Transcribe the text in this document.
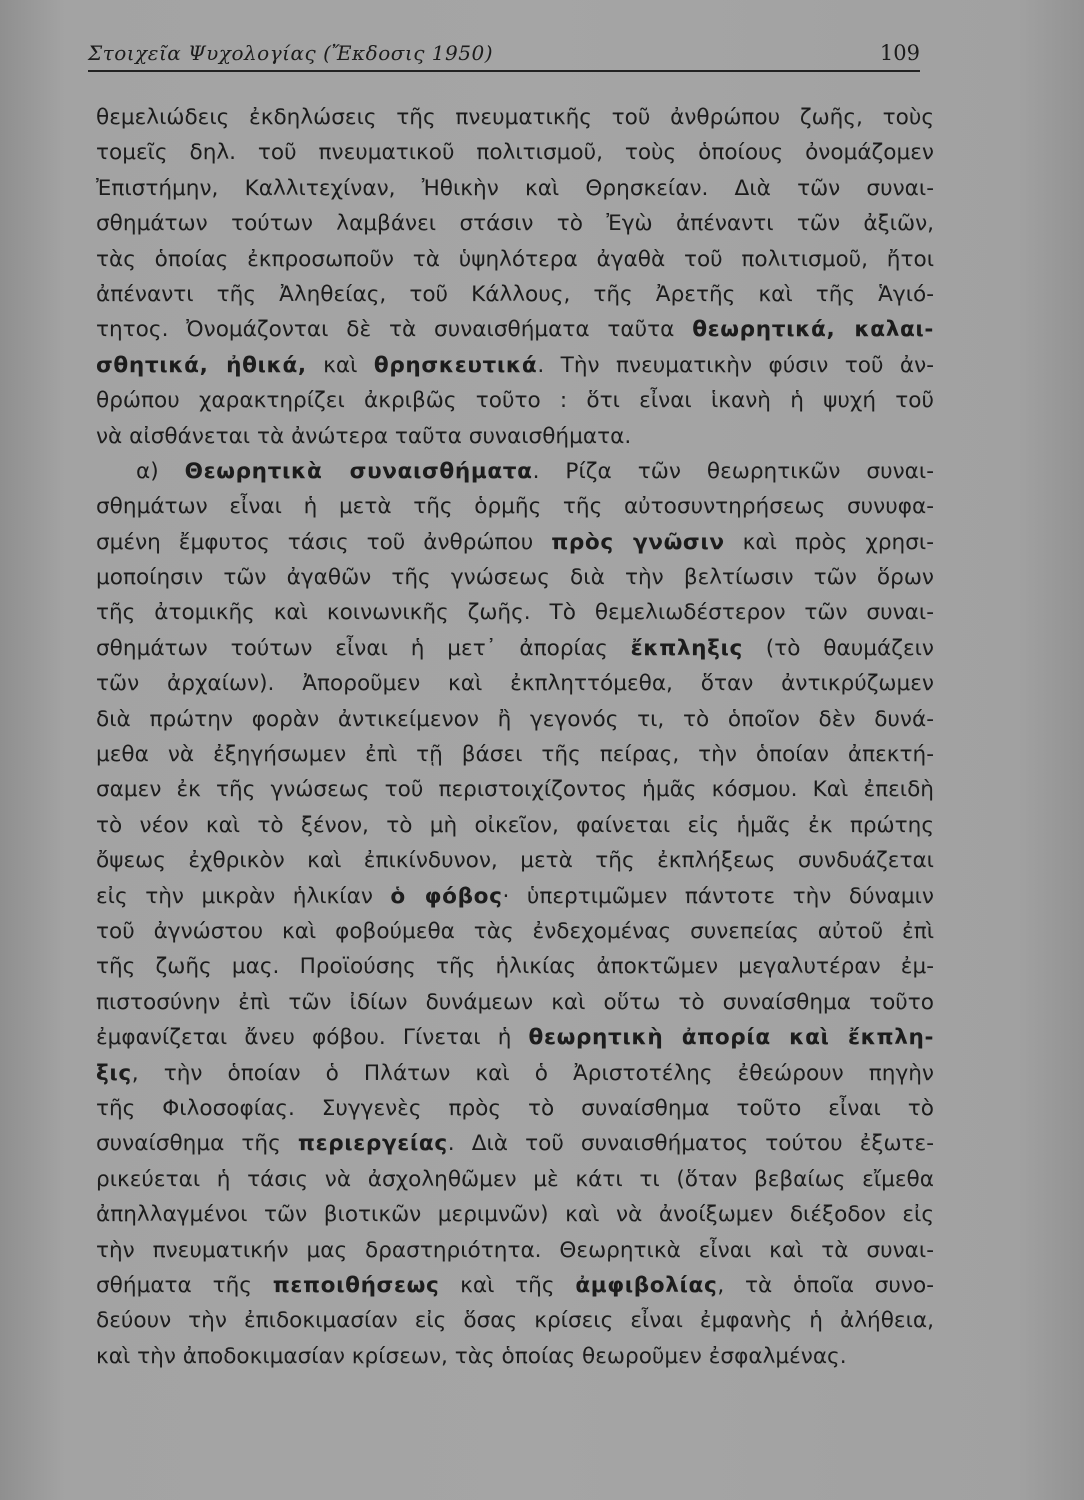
Στοιχεῖα Ψυχολογίας (Ἔκδοσις 1950)	109
θεμελιώδεις ἐκδηλώσεις τῆς πνευματικῆς τοῦ ἀνθρώπου ζωῆς, τοὺς
τομεῖς δηλ. τοῦ πνευματικοῦ πολιτισμοῦ, τοὺς ὁποίους ὀνομάζομεν
Ἐπιστήμην, Καλλιτεχίναν, Ἠθικὴν καὶ Θρησκείαν. Διὰ τῶν συναι-
σθημάτων τούτων λαμβάνει στάσιν τὸ Ἐγὼ ἀπέναντι τῶν ἀξιῶν,
τὰς ὁποίας ἐκπροσωποῦν τὰ ὑψηλότερα ἀγαθὰ τοῦ πολιτισμοῦ, ἤτοι
ἀπέναντι τῆς Ἀληθείας, τοῦ Κάλλους, τῆς Ἀρετῆς καὶ τῆς Ἁγιό-
τητος. Ὀνομάζονται δὲ τὰ συναισθήματα ταῦτα θεωρητικά, καλαι-
σθητικά, ἠθικά, καὶ θρησκευτικά. Τὴν πνευματικὴν φύσιν τοῦ ἀν-
θρώπου χαρακτηρίζει ἀκριβῶς τοῦτο : ὅτι εἶναι ἱκανὴ ἡ ψυχή τοῦ
νὰ αἰσθάνεται τὰ ἀνώτερα ταῦτα συναισθήματα.
α) Θεωρητικὰ συναισθήματα. Ρίζα τῶν θεωρητικῶν συναι-
σθημάτων εἶναι ἡ μετὰ τῆς ὁρμῆς τῆς αὐτοσυντηρήσεως συνυφα-
σμένη ἔμφυτος τάσις τοῦ ἀνθρώπου πρὸς γνῶσιν καὶ πρὸς χρησι-
μοποίησιν τῶν ἀγαθῶν τῆς γνώσεως διὰ τὴν βελτίωσιν τῶν ὅρων
τῆς ἀτομικῆς καὶ κοινωνικῆς ζωῆς. Τὸ θεμελιωδέστερον τῶν συναι-
σθημάτων τούτων εἶναι ἡ μετ᾽ ἀπορίας ἔκπληξις (τὸ θαυμάζειν
τῶν ἀρχαίων). Ἀποροῦμεν καὶ ἐκπληττόμεθα, ὅταν ἀντικρύζωμεν
διὰ πρώτην φορὰν ἀντικείμενον ἢ γεγονός τι, τὸ ὁποῖον δὲν δυνά-
μεθα νὰ ἐξηγήσωμεν ἐπὶ τῇ βάσει τῆς πείρας, τὴν ὁποίαν ἀπεκτή-
σαμεν ἐκ τῆς γνώσεως τοῦ περιστοιχίζοντος ἡμᾶς κόσμου. Καὶ ἐπειδὴ
τὸ νέον καὶ τὸ ξένον, τὸ μὴ οἰκεῖον, φαίνεται εἰς ἡμᾶς ἐκ πρώτης
ὄψεως ἐχθρικὸν καὶ ἐπικίνδυνον, μετὰ τῆς ἐκπλήξεως συνδυάζεται
εἰς τὴν μικρὰν ἡλικίαν ὁ φόβος· ὑπερτιμῶμεν πάντοτε τὴν δύναμιν
τοῦ ἀγνώστου καὶ φοβούμεθα τὰς ἐνδεχομένας συνεπείας αὐτοῦ ἐπὶ
τῆς ζωῆς μας. Προϊούσης τῆς ἡλικίας ἀποκτῶμεν μεγαλυτέραν ἐμ-
πιστοσύνην ἐπὶ τῶν ἰδίων δυνάμεων καὶ οὕτω τὸ συναίσθημα τοῦτο
ἐμφανίζεται ἄνευ φόβου. Γίνεται ἡ θεωρητικὴ ἀπορία καὶ ἔκπλη-
ξις, τὴν ὁποίαν ὁ Πλάτων καὶ ὁ Ἀριστοτέλης ἐθεώρουν πηγὴν
τῆς Φιλοσοφίας. Συγγενὲς πρὸς τὸ συναίσθημα τοῦτο εἶναι τὸ
συναίσθημα τῆς περιεργείας. Διὰ τοῦ συναισθήματος τούτου ἐξωτε-
ρικεύεται ἡ τάσις νὰ ἀσχοληθῶμεν μὲ κάτι τι (ὅταν βεβαίως εἴμεθα
ἀπηλλαγμένοι τῶν βιοτικῶν μεριμνῶν) καὶ νὰ ἀνοίξωμεν διέξοδον εἰς
τὴν πνευματικήν μας δραστηριότητα. Θεωρητικὰ εἶναι καὶ τὰ συναι-
σθήματα τῆς πεποιθήσεως καὶ τῆς ἀμφιβολίας, τὰ ὁποῖα συνο-
δεύουν τὴν ἐπιδοκιμασίαν εἰς ὅσας κρίσεις εἶναι ἐμφανὴς ἡ ἀλήθεια,
καὶ τὴν ἀποδοκιμασίαν κρίσεων, τὰς ὁποίας θεωροῦμεν ἐσφαλμένας.
